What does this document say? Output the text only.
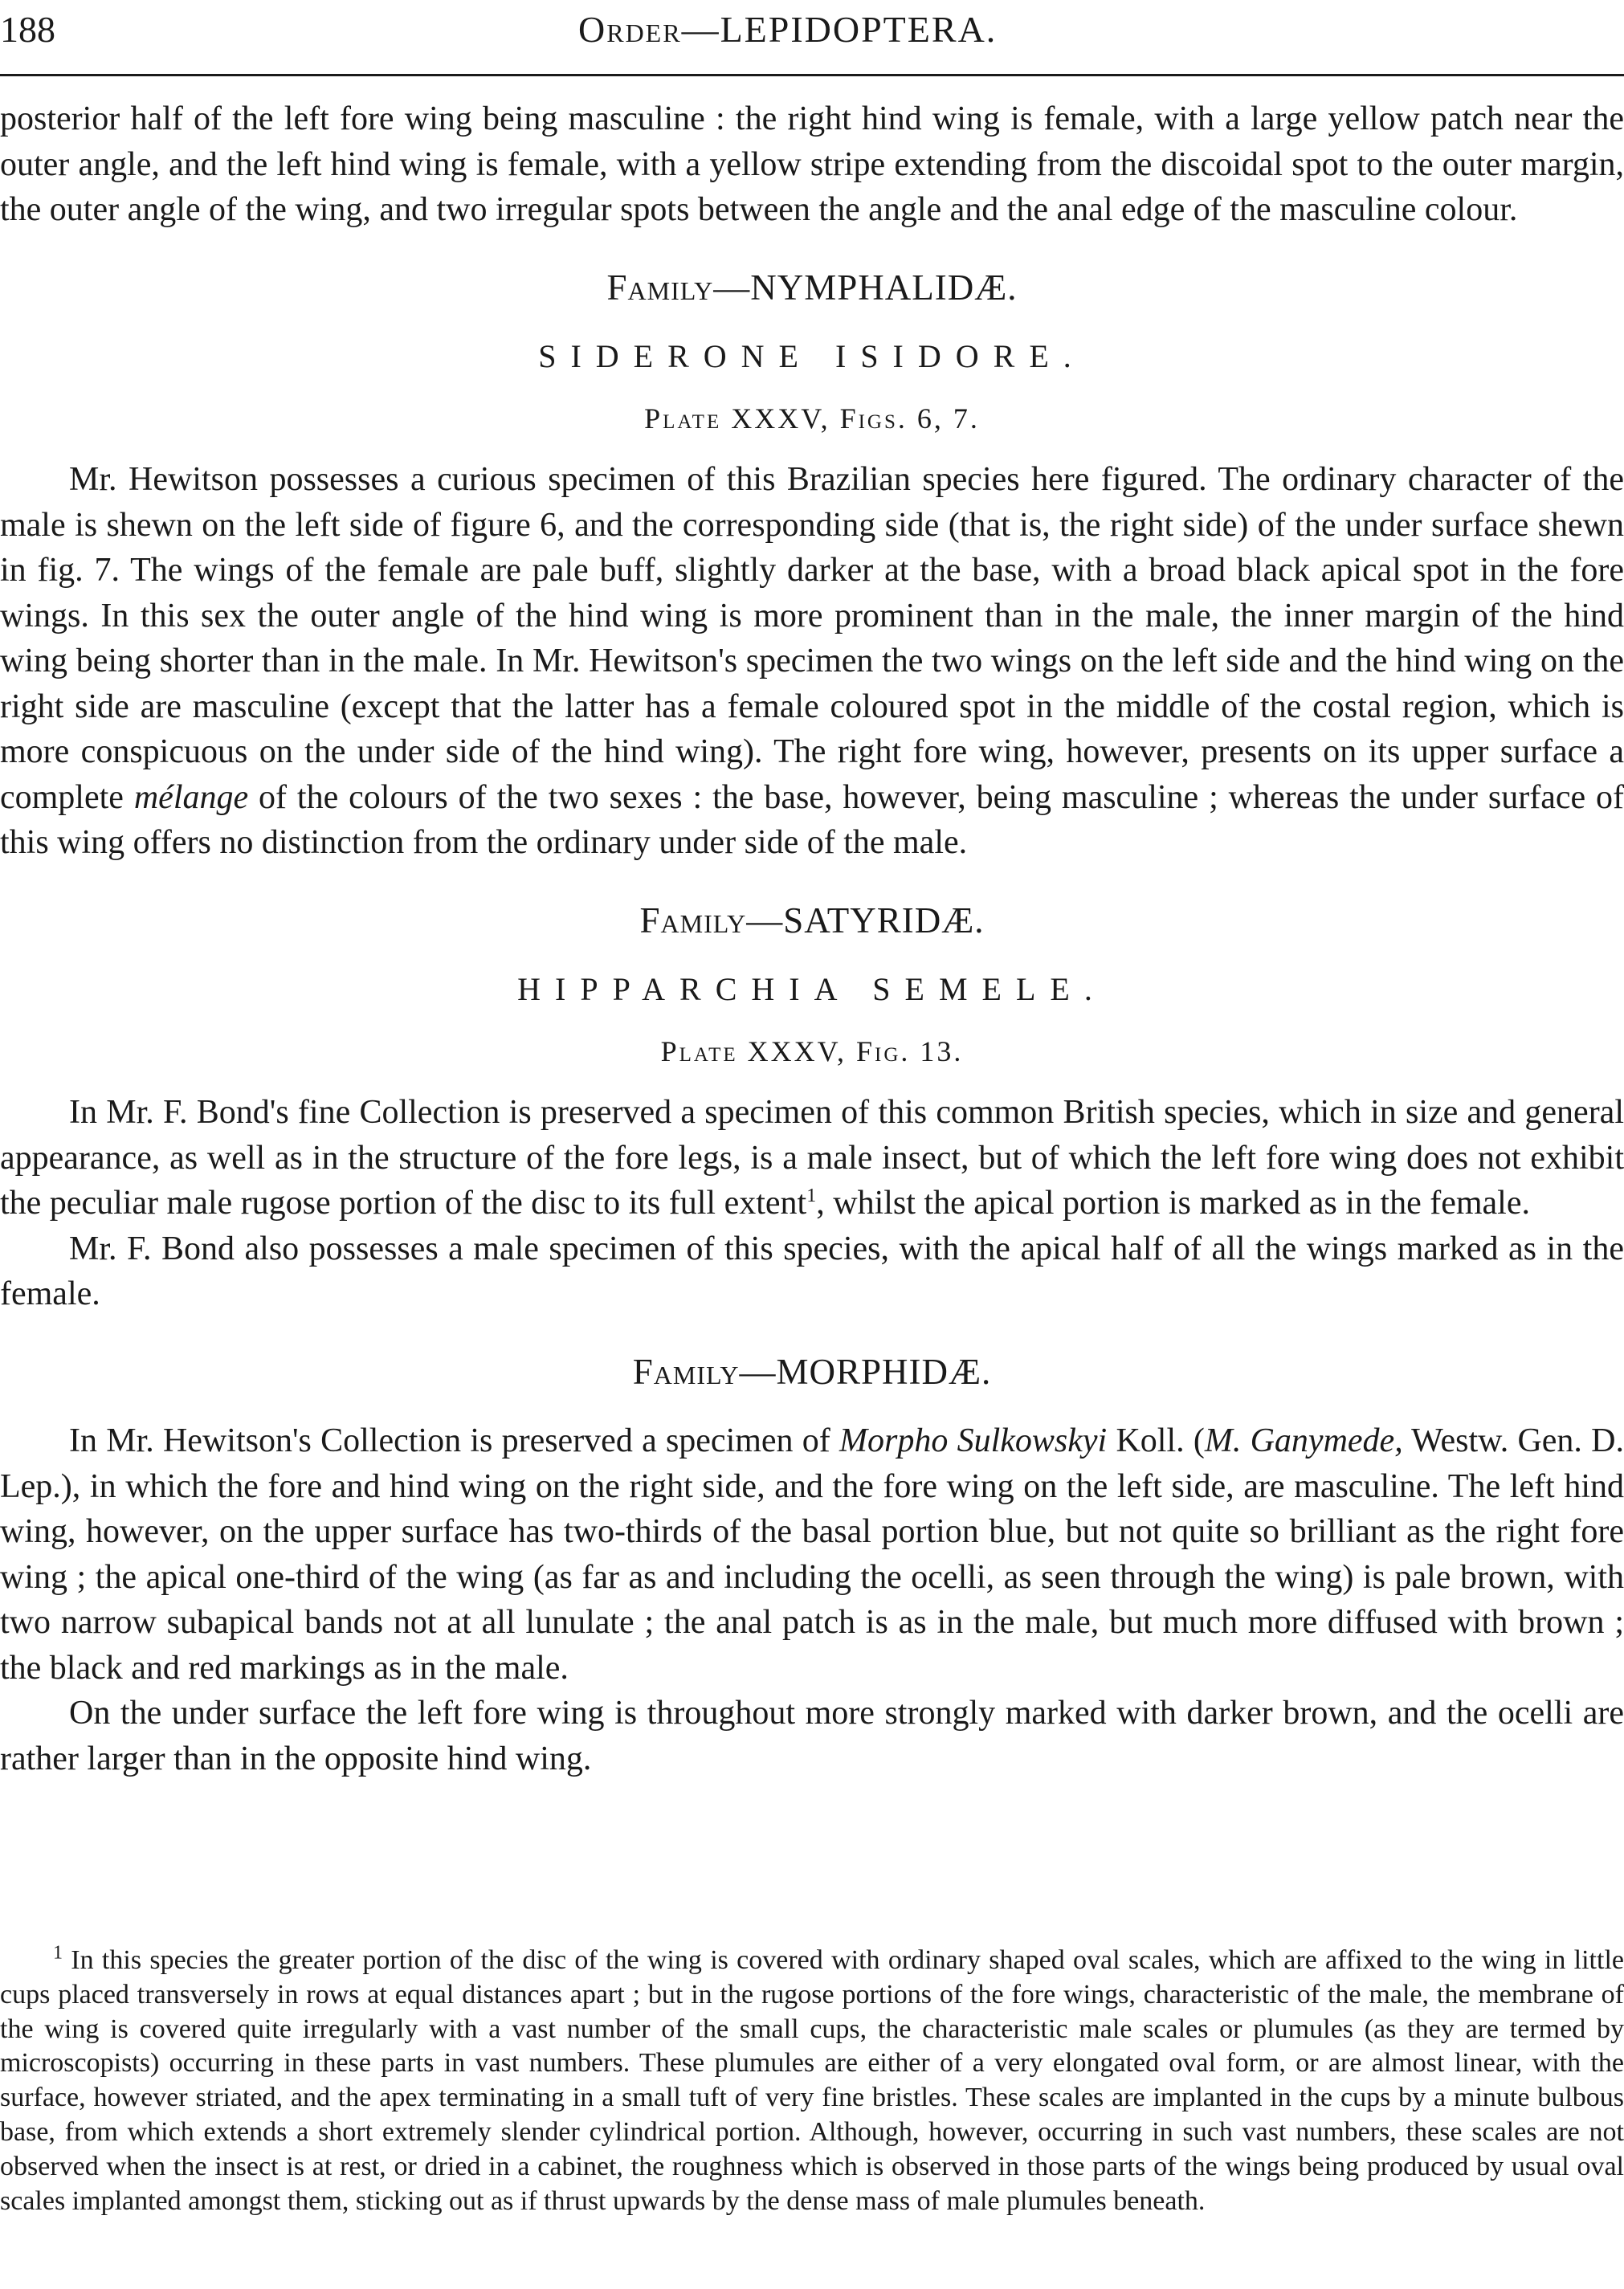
188	Order—LEPIDOPTERA.

posterior half of the left fore wing being masculine : the right hind wing is female, with a large yellow patch near the outer angle, and the left hind wing is female, with a yellow stripe extending from the discoidal spot to the outer margin, the outer angle of the wing, and two irregular spots between the angle and the anal edge of the masculine colour.

Family—NYMPHALIDÆ.
SIDERONE ISIDORE.
Plate XXXV, Figs. 6, 7.

Mr. Hewitson possesses a curious specimen of this Brazilian species here figured. The ordinary character of the male is shewn on the left side of figure 6, and the corresponding side (that is, the right side) of the under surface shewn in fig. 7. The wings of the female are pale buff, slightly darker at the base, with a broad black apical spot in the fore wings. In this sex the outer angle of the hind wing is more prominent than in the male, the inner margin of the hind wing being shorter than in the male. In Mr. Hewitson's specimen the two wings on the left side and the hind wing on the right side are masculine (except that the latter has a female coloured spot in the middle of the costal region, which is more conspicuous on the under side of the hind wing). The right fore wing, however, presents on its upper surface a complete mélange of the colours of the two sexes : the base, however, being masculine ; whereas the under surface of this wing offers no distinction from the ordinary under side of the male.

Family—SATYRIDÆ.
HIPPARCHIA SEMELE.
Plate XXXV, Fig. 13.

In Mr. F. Bond's fine Collection is preserved a specimen of this common British species, which in size and general appearance, as well as in the structure of the fore legs, is a male insect, but of which the left fore wing does not exhibit the peculiar male rugose portion of the disc to its full extent$^1$, whilst the apical portion is marked as in the female.

Mr. F. Bond also possesses a male specimen of this species, with the apical half of all the wings marked as in the female.

Family—MORPHIDÆ.

In Mr. Hewitson's Collection is preserved a specimen of Morpho Sulkowskyi Koll. (M. Ganymede, Westw. Gen. D. Lep.), in which the fore and hind wing on the right side, and the fore wing on the left side, are masculine. The left hind wing, however, on the upper surface has two-thirds of the basal portion blue, but not quite so brilliant as the right fore wing ; the apical one-third of the wing (as far as and including the ocelli, as seen through the wing) is pale brown, with two narrow subapical bands not at all lunulate ; the anal patch is as in the male, but much more diffused with brown ; the black and red markings as in the male.

On the under surface the left fore wing is throughout more strongly marked with darker brown, and the ocelli are rather larger than in the opposite hind wing.

$^1$ In this species the greater portion of the disc of the wing is covered with ordinary shaped oval scales, which are affixed to the wing in little cups placed transversely in rows at equal distances apart ; but in the rugose portions of the fore wings, characteristic of the male, the membrane of the wing is covered quite irregularly with a vast number of the small cups, the characteristic male scales or plumules (as they are termed by microscopists) occurring in these parts in vast numbers. These plumules are either of a very elongated oval form, or are almost linear, with the surface, however striated, and the apex terminating in a small tuft of very fine bristles. These scales are implanted in the cups by a minute bulbous base, from which extends a short extremely slender cylindrical portion. Although, however, occurring in such vast numbers, these scales are not observed when the insect is at rest, or dried in a cabinet, the roughness which is observed in those parts of the wings being produced by usual oval scales implanted amongst them, sticking out as if thrust upwards by the dense mass of male plumules beneath.
